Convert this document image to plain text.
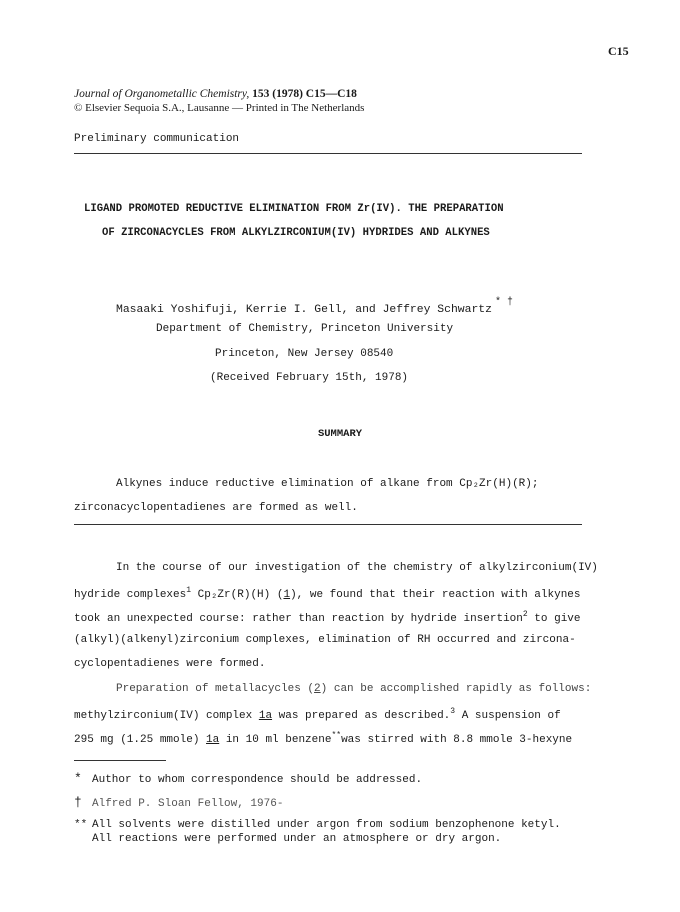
C15
Journal of Organometallic Chemistry, 153 (1978) C15—C18
© Elsevier Sequoia S.A., Lausanne — Printed in The Netherlands
Preliminary communication
LIGAND PROMOTED REDUCTIVE ELIMINATION FROM Zr(IV). THE PREPARATION
OF ZIRCONACYCLES FROM ALKYLZIRCONIUM(IV) HYDRIDES AND ALKYNES
Masaaki Yoshifuji, Kerrie I. Gell, and Jeffrey Schwartz* †
Department of Chemistry, Princeton University
Princeton, New Jersey 08540
(Received February 15th, 1978)
SUMMARY
Alkynes induce reductive elimination of alkane from Cp₂Zr(H)(R);
zirconacyclopentadienes are formed as well.
In the course of our investigation of the chemistry of alkylzirconium(IV)
hydride complexes$^1$ Cp₂Zr(R)(H) (1), we found that their reaction with alkynes
took an unexpected course: rather than reaction by hydride insertion$^2$ to give
(alkyl)(alkenyl)zirconium complexes, elimination of RH occurred and zircona-
cyclopentadienes were formed.
Preparation of metallacycles (2) can be accomplished rapidly as follows:
methylzirconium(IV) complex 1a was prepared as described.$^3$ A suspension of
295 mg (1.25 mmole) 1a in 10 ml benzene**was stirred with 8.8 mmole 3-hexyne
* Author to whom correspondence should be addressed.
† Alfred P. Sloan Fellow, 1976-
** All solvents were distilled under argon from sodium benzophenone ketyl.
All reactions were performed under an atmosphere or dry argon.
